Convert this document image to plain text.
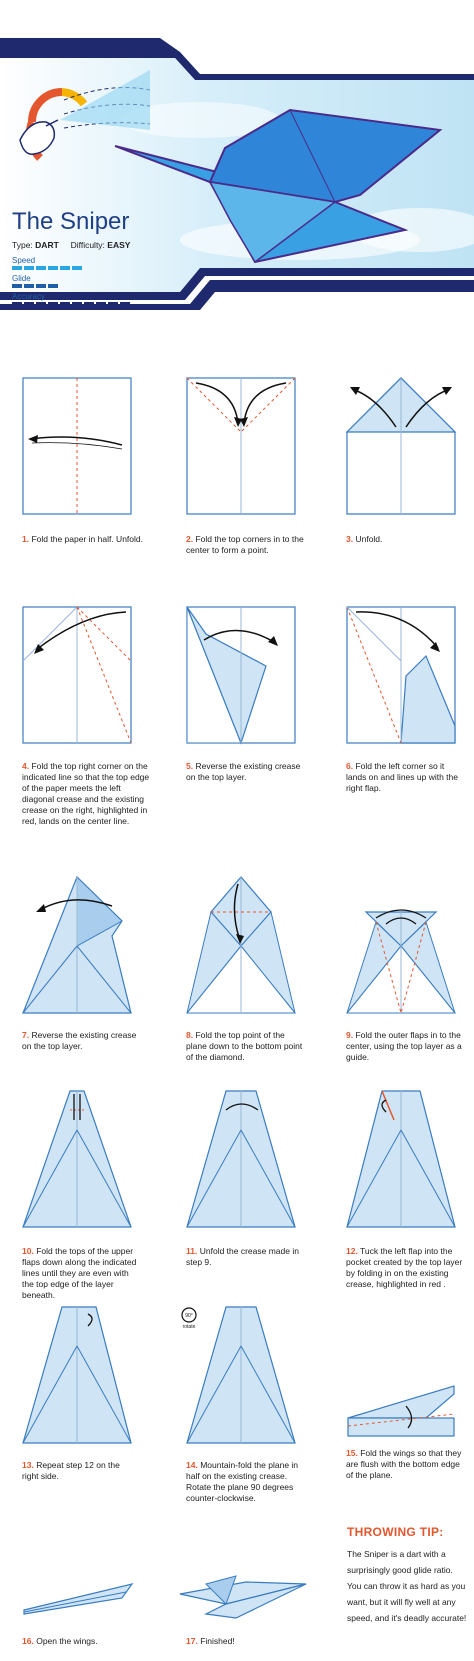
The Sniper
Type: DART Difficulty: EASY
Speed
Glide
Accuracy
1. Fold the paper in half. Unfold.	2. Fold the top corners in to the center to form a point.
3. Unfold.
4. Fold the top right corner on the indicated line so that the top edge of the paper meets the left diagonal crease and the existing crease on the right, highlighted in red, lands on the center line.
5. Reverse the existing crease on the top layer.
6. Fold the left corner so it lands on and lines up with the right flap.
7. Reverse the existing crease on the top layer.
8. Fold the top point of the plane down to the bottom point of the diamond.
9. Fold the outer flaps in to the center, using the top layer as a guide.
10. Fold the tops of the upper flaps down along the indicated lines until they are even with the top edge of the layer beneath.
11. Unfold the crease made in step 9.
12. Tuck the left flap into the pocket created by the top layer by folding in on the existing crease, highlighted in red .
13. Repeat step 12 on the right side.
90°
rotate
14. Mountain-fold the plane in half on the existing crease. Rotate the plane 90 degrees counter-clockwise.
15. Fold the wings so that they are flush with the bottom edge of the plane.
16. Open the wings.	17. Finished!
THROWING TIP:
The Sniper is a dart with a surprisingly good glide ratio. You can throw it as hard as you want, but it will fly well at any speed, and it's deadly accurate!
